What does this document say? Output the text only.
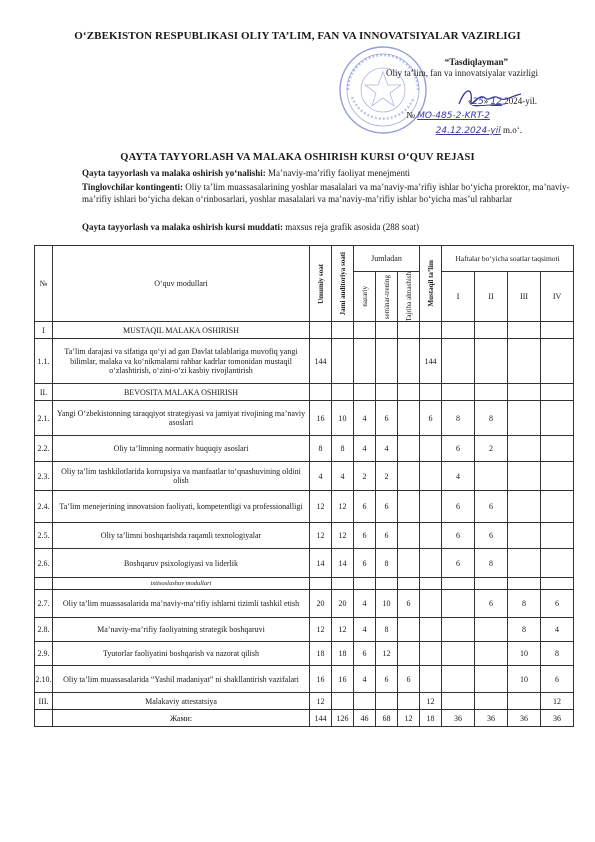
O‘ZBEKISTON RESPUBLIKASI OLIY TA’LIM, FAN VA INNOVATSIYALAR VAZIRLIGI
“Tasdiqlayman”
Oliy ta’lim, fan va innovatsiyalar vazirligi
«25» 12 2024-yil.
№ MO-485-2-KRT-2
24.12.2024-yil m.o‘.
QAYTA TAYYORLASH VA MALAKA OSHIRISH KURSI O‘QUV REJASI
Qayta tayyorlash va malaka oshirish yo‘nalishi: Ma’naviy-ma’rifiy faoliyat menejmenti
Tinglovchilar kontingenti: Oliy ta’lim muassasalarining yoshlar masalalari va ma’naviy-ma’rifiy ishlar bo‘yicha prorektor, ma’naviy-ma’rifiy ishlari bo‘yicha dekan o‘rinbosarlari, yoshlar masalalari va ma’naviy-ma’rifiy ishlar bo‘yicha mas’ul rahbarlar
Qayta tayyorlash va malaka oshirish kursi muddati: maxsus reja grafik asosida (288 soat)
№	O‘quv modullari	Umumiy soat	Jami auditoriya soati	Jumladan			Mustaqil ta’lim	Haftalar bo‘yicha soatlar taqsimoti			

				nazariy	seminar-trening	Tajriba almashish		I	II	III	IV
I	MUSTAQIL MALAKA OSHIRISH										
1.1.	Ta’lim darajasi va sifatiga qo‘yi ad gan Davlat talablariga muvofiq yangi bilimlar, malaka va ko‘nikmalarni rahbar kadrlar tomonidan mustaqil o‘zlashtirish, o‘zini-o‘zi kasbiy rivojlantirish	144					144				
II.	BEVOSITA MALAKA OSHIRISH										
2.1.	Yangi O‘zbekistonning taraqqiyot strategiyasi va jamiyat rivojining ma’naviy asoslari	16	10	4	6		6	8	8		
2.2.	Oliy ta’limning normativ huquqiy asoslari	8	8	4	4			6	2		
2.3.	Oliy ta’lim tashkilotlarida korrupsiya va manfaatlar to‘qnashuvining oldini olish	4	4	2	2			4			
2.4.	Ta’lim menejerining innovatsion faoliyati, kompetentligi va professionalligi	12	12	6	6			6	6		
2.5.	Oliy ta’limni boshqarishda raqamli texnologiyalar	12	12	6	6			6	6		
2.6.	Boshqaruv psixologiyasi va liderlik	14	14	6	8			6	8		
	ixtisoslashuv modullari										
2.7.	Oliy ta’lim muassasalarida ma’naviy-ma’rifiy ishlarni tizimli tashkil etish	20	20	4	10	6			6	8	6
2.8.	Ma’naviy-ma’rifiy faoliyatning strategik boshqaruvi	12	12	4	8					8	4
2.9.	Tyutorlar faoliyatini boshqarish va nazorat qilish	18	18	6	12					10	8
2.10.	Oliy ta’lim muassasalarida “Yashil madaniyat” ni shakllantirish vazifalari	16	16	4	6	6				10	6
III.	Malakaviy attestatsiya	12					12				12
	Жами:	144	126	46	68	12	18	36	36	36	36
